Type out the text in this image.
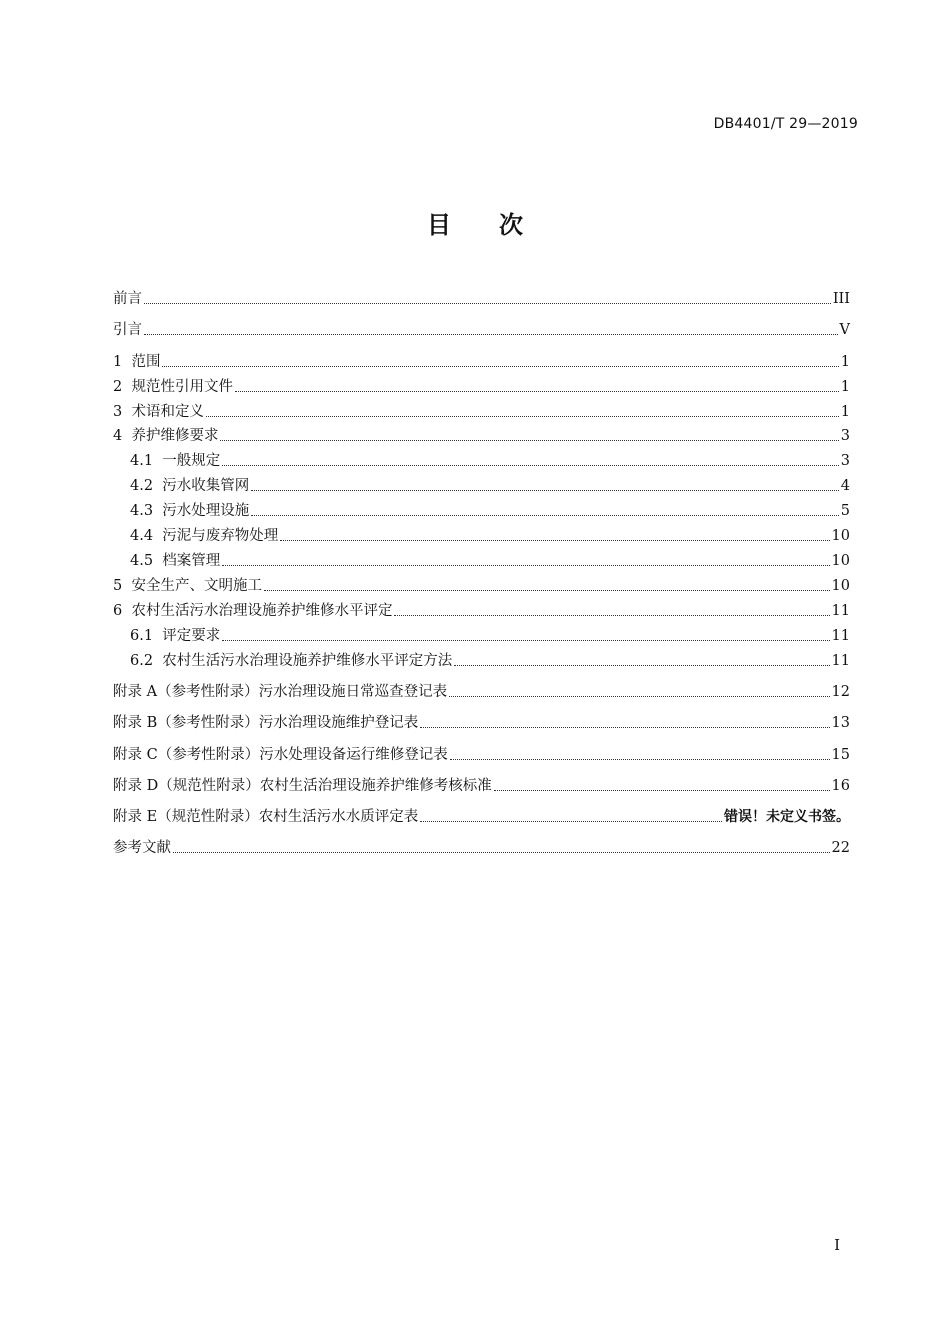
DB4401/T 29—2019
目 次
前言	III
引言	V
1  范围	1
2  规范性引用文件	1
3  术语和定义	1
4  养护维修要求	3
4.1  一般规定	3
4.2  污水收集管网	4
4.3  污水处理设施	5
4.4  污泥与废弃物处理	10
4.5  档案管理	10
5  安全生产、文明施工	10
6  农村生活污水治理设施养护维修水平评定	11
6.1  评定要求	11
6.2  农村生活污水治理设施养护维修水平评定方法	11
附录 A（参考性附录）污水治理设施日常巡查登记表	12
附录 B（参考性附录）污水治理设施维护登记表	13
附录 C（参考性附录）污水处理设备运行维修登记表	15
附录 D（规范性附录）农村生活治理设施养护维修考核标准	16
附录 E（规范性附录）农村生活污水水质评定表	错误！未定义书签。
参考文献	22
I
